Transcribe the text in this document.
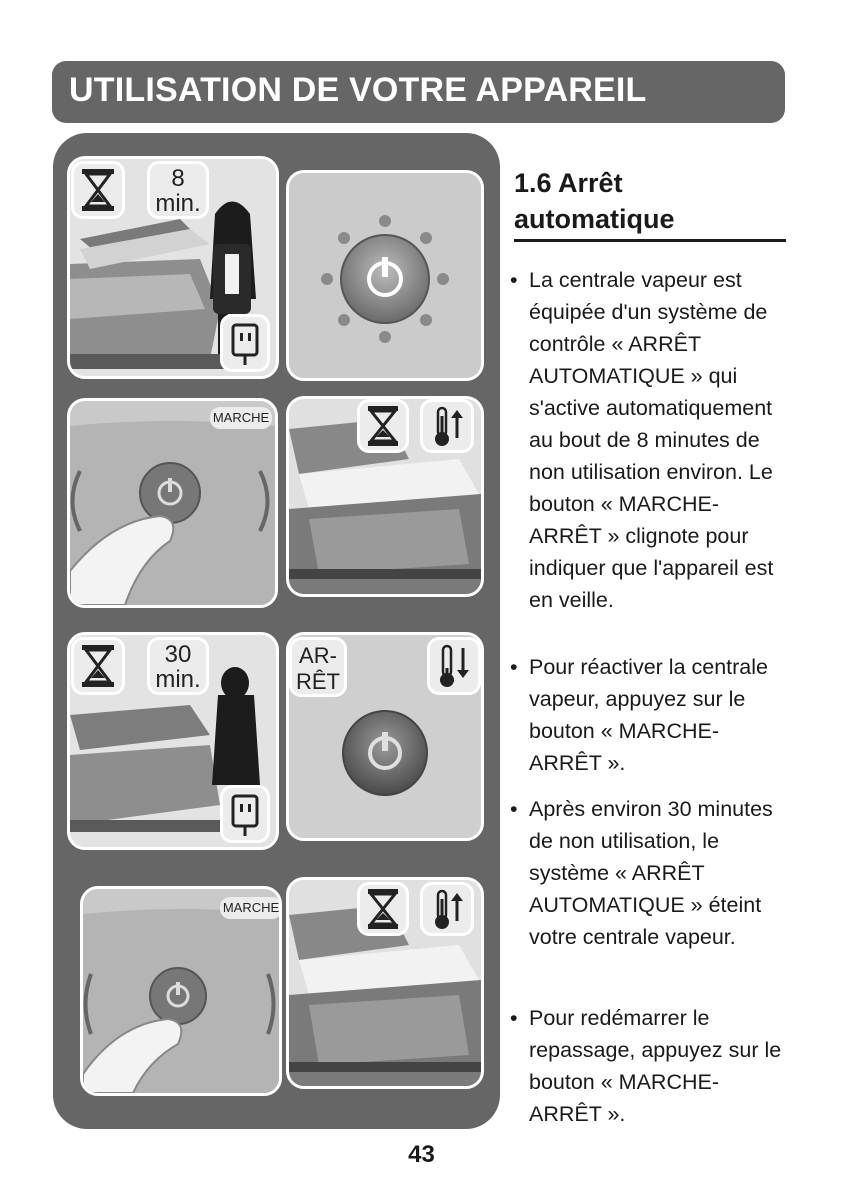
UTILISATION DE VOTRE APPAREIL
8
min.
MARCHE
30
min.
AR-
RÊT
MARCHE
1.6 Arrêt
automatique
• La centrale vapeur est équipée d'un système de contrôle « ARRÊT AUTOMATIQUE » qui s'active automatiquement au bout de 8 minutes de non utilisation environ. Le bouton « MARCHE-ARRÊT » clignote pour indiquer que l'appareil est en veille.
• Pour réactiver la centrale vapeur, appuyez sur le bouton « MARCHE-ARRÊT ».
• Après environ 30 minutes de non utilisation, le système « ARRÊT AUTOMATIQUE » éteint votre centrale vapeur.
• Pour redémarrer le repassage, appuyez sur le bouton « MARCHE-ARRÊT ».
43
